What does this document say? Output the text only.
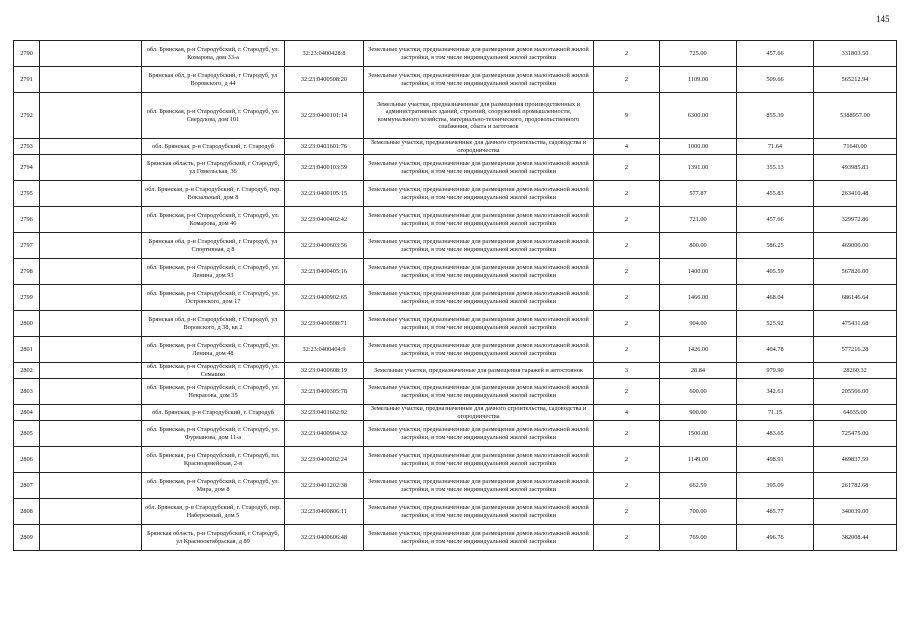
145
2790		обл. Брянская, р-н Стародубский, г. Стародуб, ул. Комарова, дом 33-а	32:23:0400428:8	Земельные участки, предназначенные для размещения домов малоэтажной жилой застройки, в том числе индивидуальной жилой застройки	2	725.00	457.66	331803.50
2791		Брянская обл, р-н Стародубский, г Стародуб, ул Воровского, д 44	32:23:0400508:20	Земельные участки, предназначенные для размещения домов малоэтажной жилой застройки, в том числе индивидуальной жилой застройки	2	1109.00	509.66	565212.94
2792		обл. Брянская, р-н Стародубский, г. Стародуб, ул. Свердлова, дом 101	32:23:0400101:14	Земельные участки, предназначенные для размещения производственных и административных зданий, строений, сооружений промышленности, коммунального хозяйства, материально-технического, продовольственного снабжения, сбыта и заготовок	9	6300.00	855.39	5388957.00
2793		обл. Брянская, р-н Стародубский, г. Стародуб	32:23:0401601:76	Земельные участки, предназначенные для дачного строительства, садоводства и огородничества	4	1000.00	71.64	71640.00
2794		Брянская область, р-н Стародубский, г Стародуб, ул Гомельская, 36	32:23:0400103:59	Земельные участки, предназначенные для размещения домов малоэтажной жилой застройки, в том числе индивидуальной жилой застройки	2	1391.00	355.13	493985.83
2795		обл. Брянская, р-н Стародубский, г. Стародуб, пер. Вокзальный, дом 8	32:23:0400105:15	Земельные участки, предназначенные для размещения домов малоэтажной жилой застройки, в том числе индивидуальной жилой застройки	2	577.87	455.83	263410.48
2796		обл. Брянская, р-н Стародубский, г. Стародуб, ул. Комарова, дом 46	32:23:0400402:42	Земельные участки, предназначенные для размещения домов малоэтажной жилой застройки, в том числе индивидуальной жилой застройки	2	721.00	457.66	329972.86
2797		Брянская обл, р-н Стародубский, г Стародуб, ул Спортивная, д 8	32:23:0400603:56	Земельные участки, предназначенные для размещения домов малоэтажной жилой застройки, в том числе индивидуальной жилой застройки	2	800.00	586.25	469000.00
2798		обл. Брянская, р-н Стародубский, г. Стародуб, ул. Ленина, дом 93	32:23:0400405:16	Земельные участки, предназначенные для размещения домов малоэтажной жилой застройки, в том числе индивидуальной жилой застройки	2	1400.00	405.59	567826.00
2799		обл. Брянская, р-н Стародубский, г. Стародуб, ул. Островского, дом 17	32:23:0400902:65	Земельные участки, предназначенные для размещения домов малоэтажной жилой застройки, в том числе индивидуальной жилой застройки	2	1466.00	468.04	686146.64
2800		Брянская обл, р-н Стародубский, г Стародуб, ул Воровского, д 38, кв 2	32:23:0400508:71	Земельные участки, предназначенные для размещения домов малоэтажной жилой застройки, в том числе индивидуальной жилой застройки	2	904.00	525.92	475431.68
2801		обл. Брянская, р-н Стародубский, г. Стародуб, ул. Ленина, дом 48	32:23:0400404:9	Земельные участки, предназначенные для размещения домов малоэтажной жилой застройки, в том числе индивидуальной жилой застройки	2	1426.00	404.78	577216.28
2802		обл. Брянская, р-н Стародубский, г. Стародуб, ул. Семашко	32:23:0400608:19	Земельные участки, предназначенные для размещения гаражей и автостоянок	3	28.84	979.90	28260.32
2803		обл. Брянская, р-н Стародубский, г. Стародуб, ул. Некрасова, дом 35	32:23:0400305:78	Земельные участки, предназначенные для размещения домов малоэтажной жилой застройки, в том числе индивидуальной жилой застройки	2	600.00	342.61	205566.00
2804		обл. Брянская, р-н Стародубский, г. Стародуб	32:23:0401602:92	Земельные участки, предназначенные для дачного строительства, садоводства и огородничества	4	900.00	71.15	64035.00
2805		обл. Брянская, р-н Стародубский, г. Стародуб, ул. Фурманова, дом 11-а	32:23:0400904:32	Земельные участки, предназначенные для размещения домов малоэтажной жилой застройки, в том числе индивидуальной жилой застройки	2	1500.00	483.65	725475.00
2806		обл. Брянская, р-н Стародубский, г. Стародуб, пл. Красноармейская, 2-в	32:23:0400202:24	Земельные участки, предназначенные для размещения домов малоэтажной жилой застройки, в том числе индивидуальной жилой застройки	2	1149.00	408.91	469837.59
2807		обл. Брянская, р-н Стародубский, г. Стародуб, ул. Мира, дом 8	32:23:0401202:38	Земельные участки, предназначенные для размещения домов малоэтажной жилой застройки, в том числе индивидуальной жилой застройки	2	662.59	395.09	261782.68
2808		обл. Брянская, р-н Стародубский, г. Стародуб, пер. Набережный, дом 5	32:23:0400806:11	Земельные участки, предназначенные для размещения домов малоэтажной жилой застройки, в том числе индивидуальной жилой застройки	2	700.00	485.77	340039.00
2809		Брянская область, р-н Стародубский, г Стародуб, ул Краснооктябрьская, д 89	32:23:0400606:48	Земельные участки, предназначенные для размещения домов малоэтажной жилой застройки, в том числе индивидуальной жилой застройки	2	769.00	496.76	382008.44
